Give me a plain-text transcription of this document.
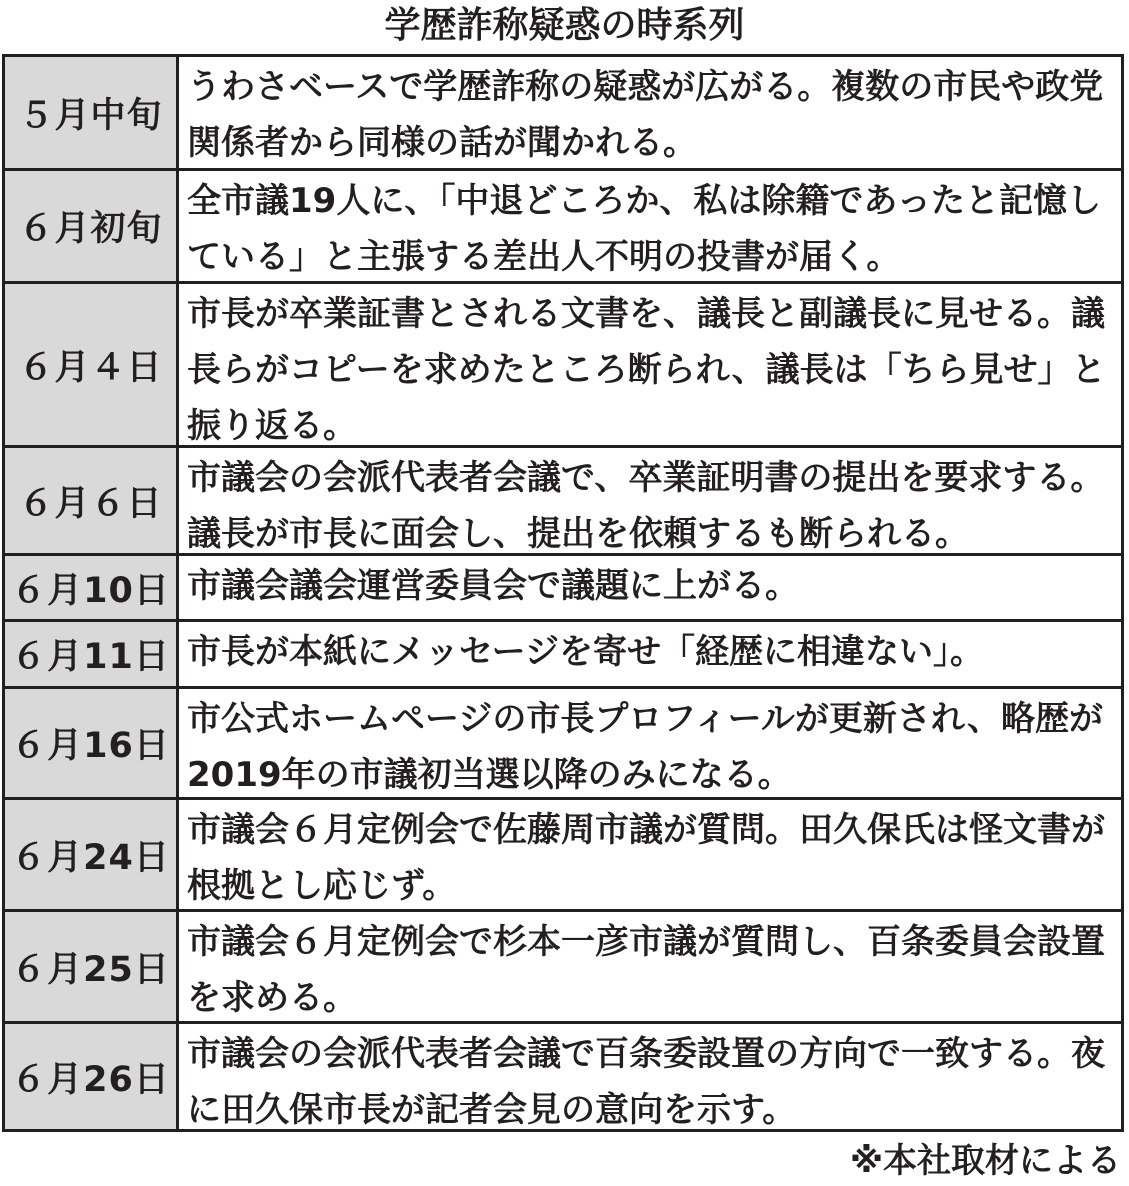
学歴詐称疑惑の時系列
５月中旬
うわさベースで学歴詐称の疑惑が広がる。複数の市民や政党関係者から同様の話が聞かれる。
６月初旬
全市議19人に、「中退どころか、私は除籍であったと記憶している」と主張する差出人不明の投書が届く。
６月４日
市長が卒業証書とされる文書を、議長と副議長に見せる。議長らがコピーを求めたところ断られ、議長は「ちら見せ」と振り返る。
６月６日
市議会の会派代表者会議で、卒業証明書の提出を要求する。議長が市長に面会し、提出を依頼するも断られる。
６月10日 市議会議会運営委員会で議題に上がる。
６月11日 市長が本紙にメッセージを寄せ「経歴に相違ない」。
６月16日
市公式ホームページの市長プロフィールが更新され、略歴が2019年の市議初当選以降のみになる。
６月24日
市議会６月定例会で佐藤周市議が質問。田久保氏は怪文書が根拠とし応じず。
６月25日
市議会６月定例会で杉本一彦市議が質問し、百条委員会設置を求める。
６月26日
市議会の会派代表者会議で百条委設置の方向で一致する。夜に田久保市長が記者会見の意向を示す。
※本社取材による
